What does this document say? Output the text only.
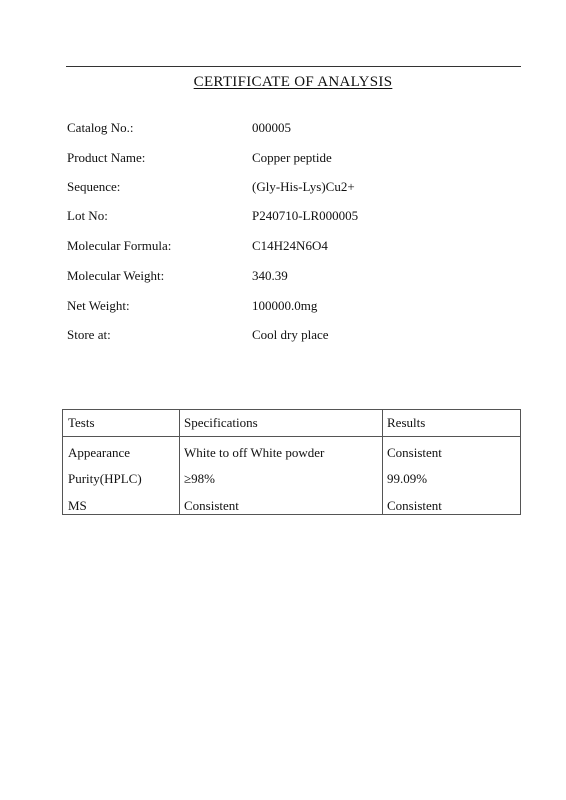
CERTIFICATE OF ANALYSIS
Catalog No.:	000005
Product Name:	Copper peptide
Sequence:	(Gly-His-Lys)Cu2+
Lot No:	P240710-LR000005
Molecular Formula:	C14H24N6O4
Molecular Weight:	340.39
Net Weight:	100000.0mg
Store at:	Cool dry place
Tests	Specifications	Results
Appearance	White to off White powder	Consistent
Purity(HPLC)	≥98%	99.09%
MS	Consistent	Consistent
